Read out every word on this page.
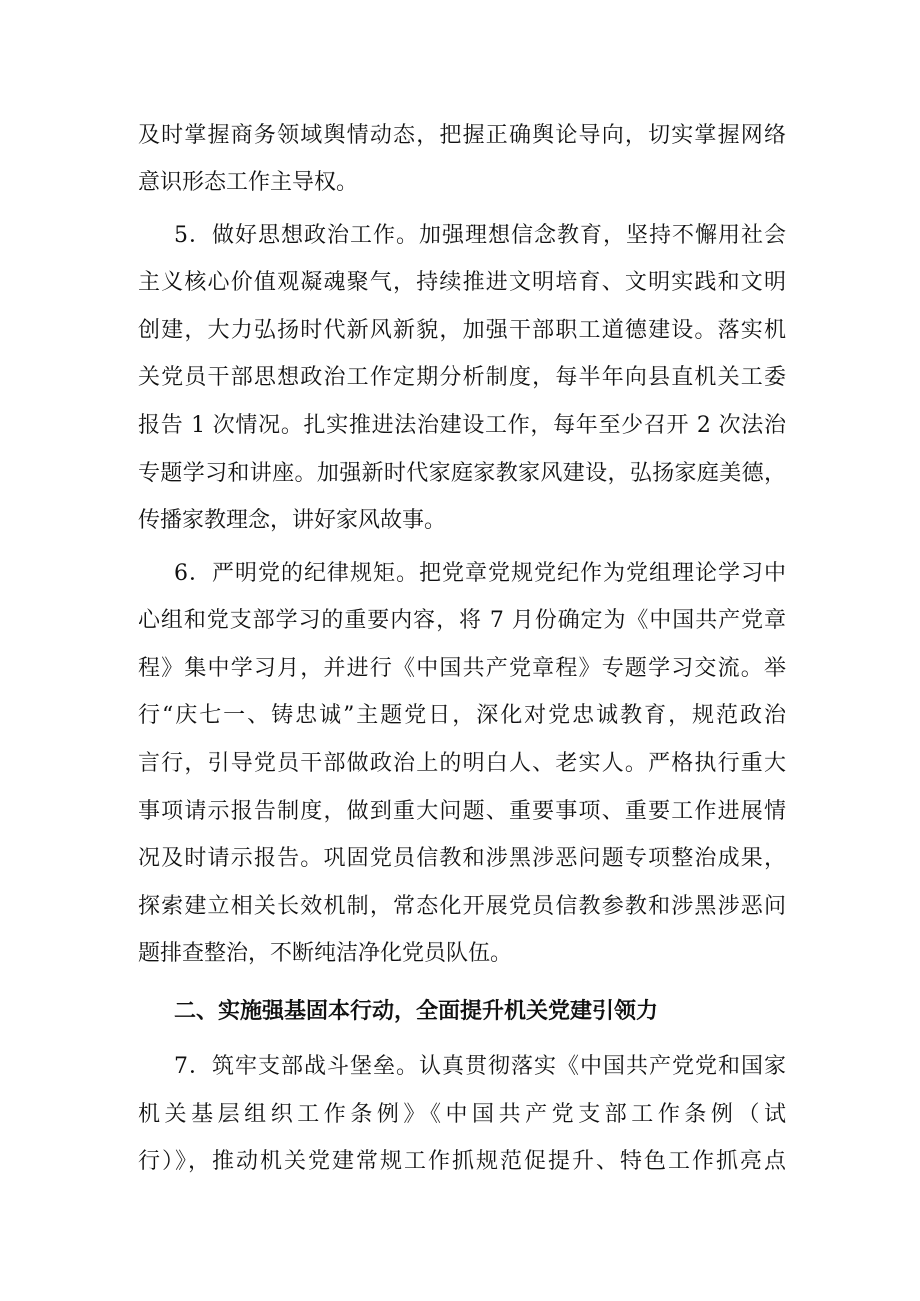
及时掌握商务领域舆情动态，把握正确舆论导向，切实掌握网络
意识形态工作主导权。
5．做好思想政治工作。加强理想信念教育，坚持不懈用社会
主义核心价值观凝魂聚气，持续推进文明培育、文明实践和文明
创建，大力弘扬时代新风新貌，加强干部职工道德建设。落实机
关党员干部思想政治工作定期分析制度，每半年向县直机关工委
报告 1 次情况。扎实推进法治建设工作，每年至少召开 2 次法治
专题学习和讲座。加强新时代家庭家教家风建设，弘扬家庭美德，
传播家教理念，讲好家风故事。
6．严明党的纪律规矩。把党章党规党纪作为党组理论学习中
心组和党支部学习的重要内容，将 7 月份确定为《中国共产党章
程》集中学习月，并进行《中国共产党章程》专题学习交流。举
行“庆七一、铸忠诚”主题党日，深化对党忠诚教育，规范政治
言行，引导党员干部做政治上的明白人、老实人。严格执行重大
事项请示报告制度，做到重大问题、重要事项、重要工作进展情
况及时请示报告。巩固党员信教和涉黑涉恶问题专项整治成果，
探索建立相关长效机制，常态化开展党员信教参教和涉黑涉恶问
题排查整治，不断纯洁净化党员队伍。
二、实施强基固本行动，全面提升机关党建引领力
7．筑牢支部战斗堡垒。认真贯彻落实《中国共产党党和国家
机关基层组织工作条例》《中国共产党支部工作条例（试
行）》，推动机关党建常规工作抓规范促提升、特色工作抓亮点
